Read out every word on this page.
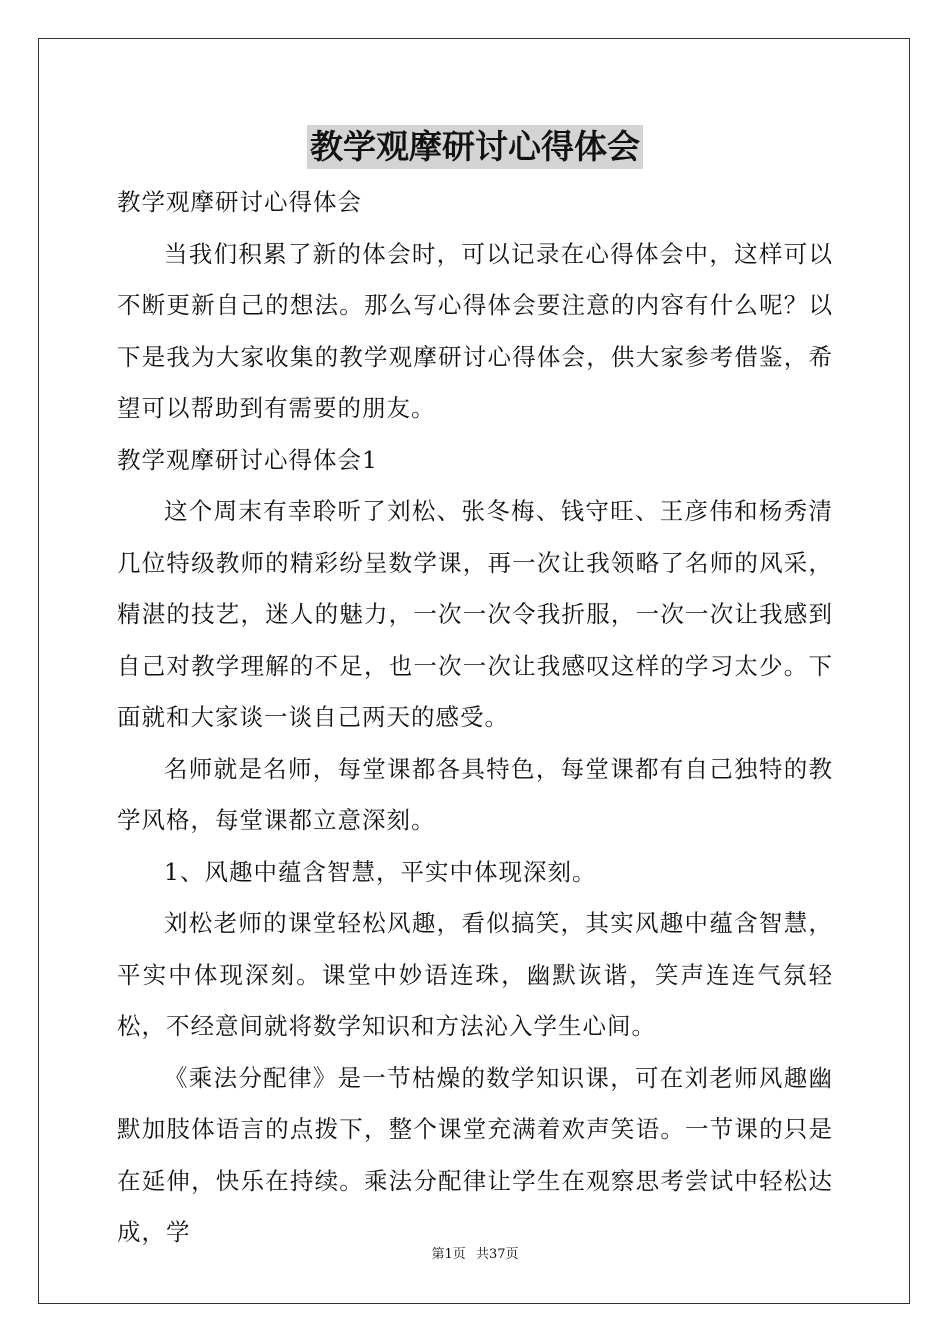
教学观摩研讨心得体会

教学观摩研讨心得体会

当我们积累了新的体会时，可以记录在心得体会中，这样可以不断更新自己的想法。那么写心得体会要注意的内容有什么呢？以下是我为大家收集的教学观摩研讨心得体会，供大家参考借鉴，希望可以帮助到有需要的朋友。

教学观摩研讨心得体会1

这个周末有幸聆听了刘松、张冬梅、钱守旺、王彦伟和杨秀清几位特级教师的精彩纷呈数学课，再一次让我领略了名师的风采，精湛的技艺，迷人的魅力，一次一次令我折服，一次一次让我感到自己对教学理解的不足，也一次一次让我感叹这样的学习太少。下面就和大家谈一谈自己两天的感受。

名师就是名师，每堂课都各具特色，每堂课都有自己独特的教学风格，每堂课都立意深刻。

1、风趣中蕴含智慧，平实中体现深刻。

刘松老师的课堂轻松风趣，看似搞笑，其实风趣中蕴含智慧，平实中体现深刻。课堂中妙语连珠，幽默诙谐，笑声连连气氛轻松，不经意间就将数学知识和方法沁入学生心间。

《乘法分配律》是一节枯燥的数学知识课，可在刘老师风趣幽默加肢体语言的点拨下，整个课堂充满着欢声笑语。一节课的只是在延伸，快乐在持续。乘法分配律让学生在观察思考尝试中轻松达成，学

第1页 共37页
